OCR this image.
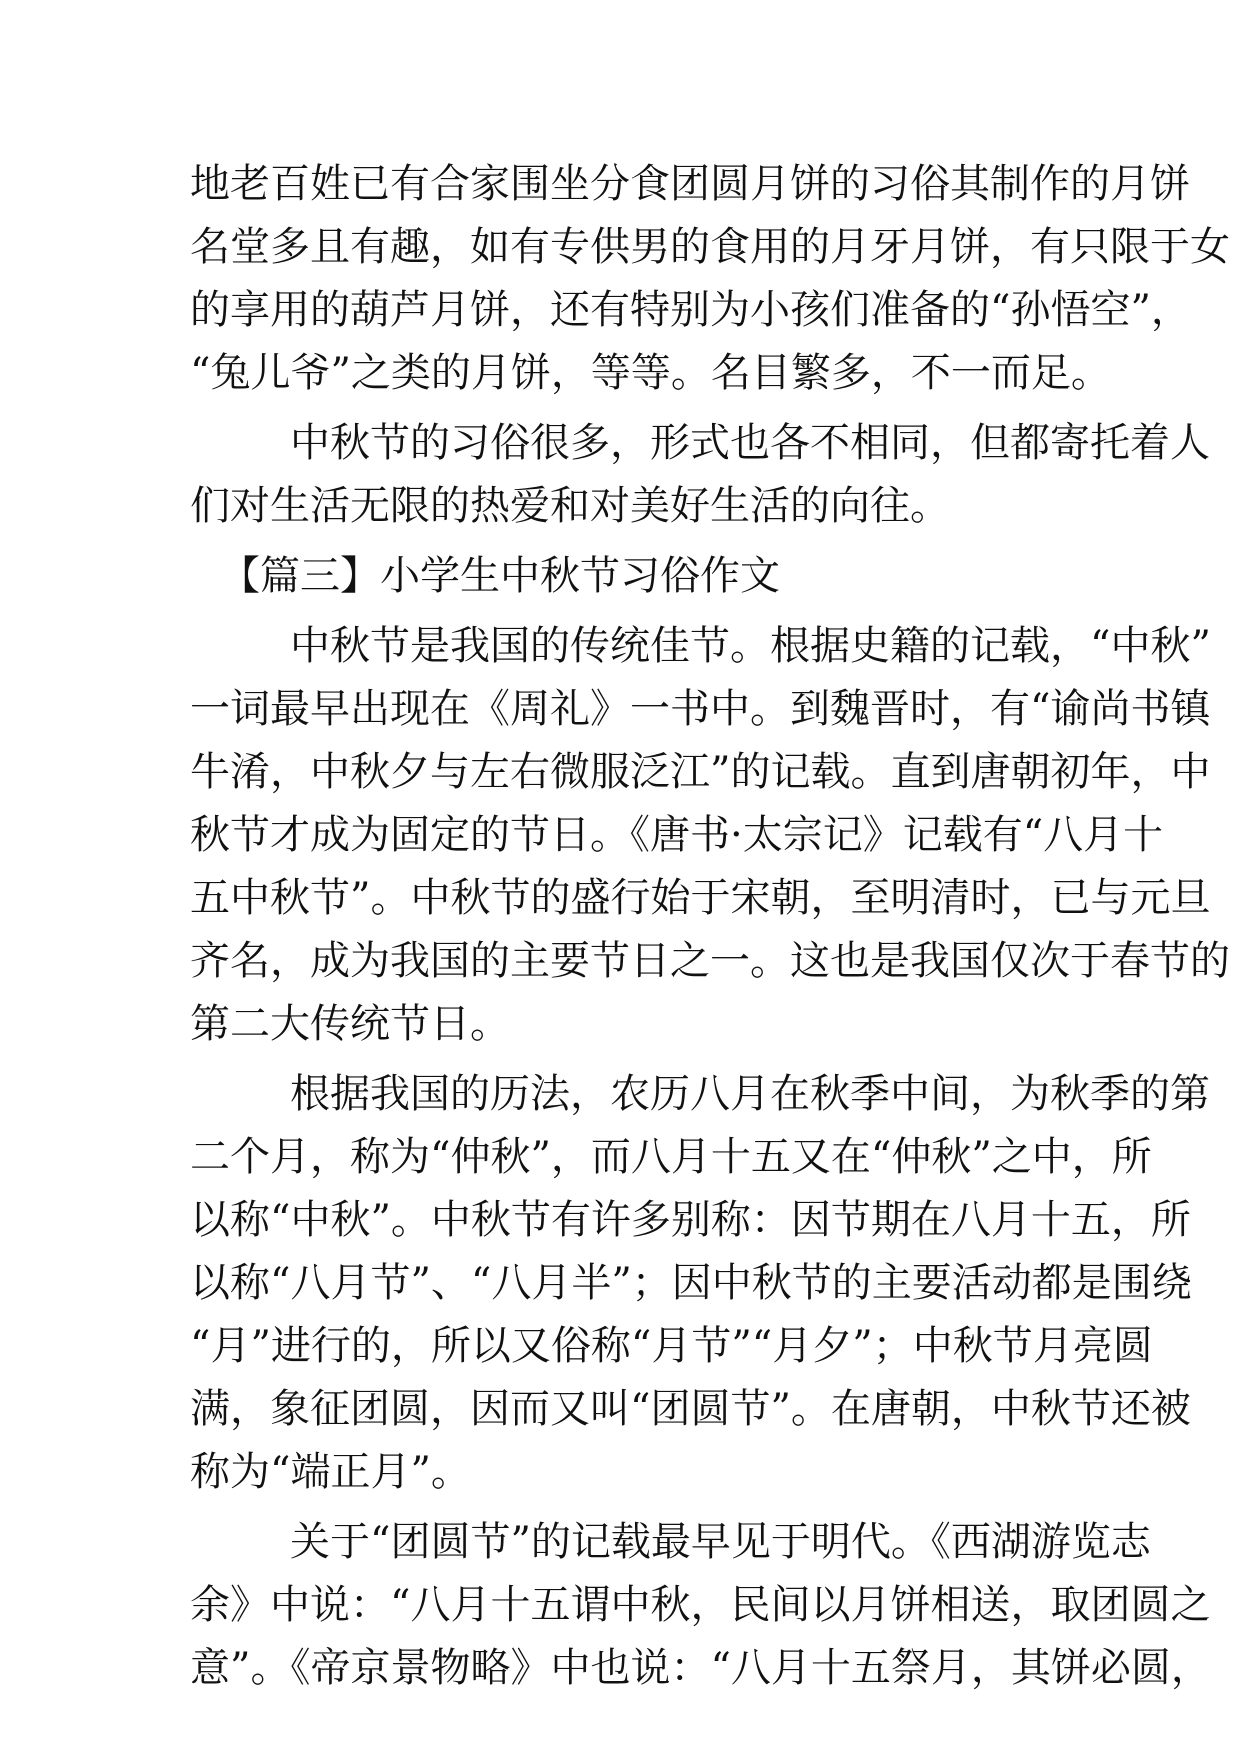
地老百姓已有合家围坐分食团圆月饼的习俗其制作的月饼
名堂多且有趣，如有专供男的食用的月牙月饼，有只限于女
的享用的葫芦月饼，还有特别为小孩们准备的“孙悟空”，
“兔儿爷”之类的月饼，等等。名目繁多，不一而足。
中秋节的习俗很多，形式也各不相同，但都寄托着人
们对生活无限的热爱和对美好生活的向往。
【篇三】小学生中秋节习俗作文
中秋节是我国的传统佳节。根据史籍的记载，“中秋”
一词最早出现在《周礼》一书中。到魏晋时，有“谕尚书镇
牛淆，中秋夕与左右微服泛江”的记载。直到唐朝初年，中
秋节才成为固定的节日。《唐书·太宗记》记载有“八月十
五中秋节”。中秋节的盛行始于宋朝，至明清时，已与元旦
齐名，成为我国的主要节日之一。这也是我国仅次于春节的
第二大传统节日。
根据我国的历法，农历八月在秋季中间，为秋季的第
二个月，称为“仲秋”，而八月十五又在“仲秋”之中，所
以称“中秋”。中秋节有许多别称：因节期在八月十五，所
以称“八月节”、“八月半”；因中秋节的主要活动都是围绕
“月”进行的，所以又俗称“月节”“月夕”；中秋节月亮圆
满，象征团圆，因而又叫“团圆节”。在唐朝，中秋节还被
称为“端正月”。
关于“团圆节”的记载最早见于明代。《西湖游览志
余》中说：“八月十五谓中秋，民间以月饼相送，取团圆之
意”。《帝京景物略》中也说：“八月十五祭月，其饼必圆，
